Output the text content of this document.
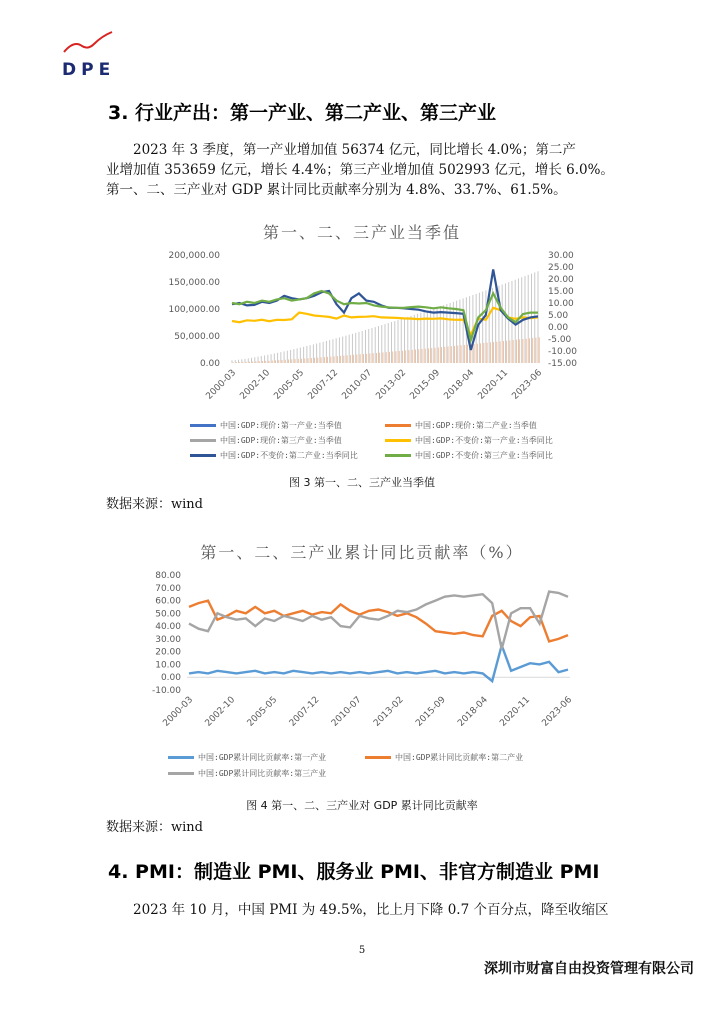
DPE
3. 行业产出：第一产业、第二产业、第三产业

2023 年 3 季度，第一产业增加值 56374 亿元，同比增长 4.0%；第二产

业增加值 353659 亿元，增长 4.4%；第三产业增加值 502993 亿元，增长 6.0%。

第一、二、三产业对 GDP 累计同比贡献率分别为 4.8%、33.7%、61.5%。

第一、二、三产业当季值
0.00
50,000.00
100,000.00
150,000.00
200,000.00	30.00
25.00
20.00
15.00
10.00
5.00
0.00
-5.00
-10.00
-15.00
2000-03 2002-10 2005-05 2007-12 2010-07 2013-02 2015-09 2018-04 2020-11 2023-06
中国:GDP:现价:第一产业:当季值	中国:GDP:现价:第二产业:当季值
中国:GDP:现价:第三产业:当季值	中国:GDP:不变价:第一产业:当季同比
中国:GDP:不变价:第二产业:当季同比	中国:GDP:不变价:第三产业:当季同比
图 3 第一、二、三产业当季值
数据来源：wind
第一、二、三产业累计同比贡献率（%）
-10.00
0.00
10.00
20.00
30.00
40.00
50.00
60.00
70.00
80.00
2000-03 2002-10 2005-05 2007-12 2010-07 2013-02 2015-09 2018-04 2020-11 2023-06
中国:GDP累计同比贡献率:第一产业	中国:GDP累计同比贡献率:第二产业
中国:GDP累计同比贡献率:第三产业
图 4 第一、二、三产业对 GDP 累计同比贡献率
数据来源：wind
4. PMI：制造业 PMI、服务业 PMI、非官方制造业 PMI

2023 年 10 月，中国 PMI 为 49.5%，比上月下降 0.7 个百分点，降至收缩区

5
深圳市财富自由投资管理有限公司
